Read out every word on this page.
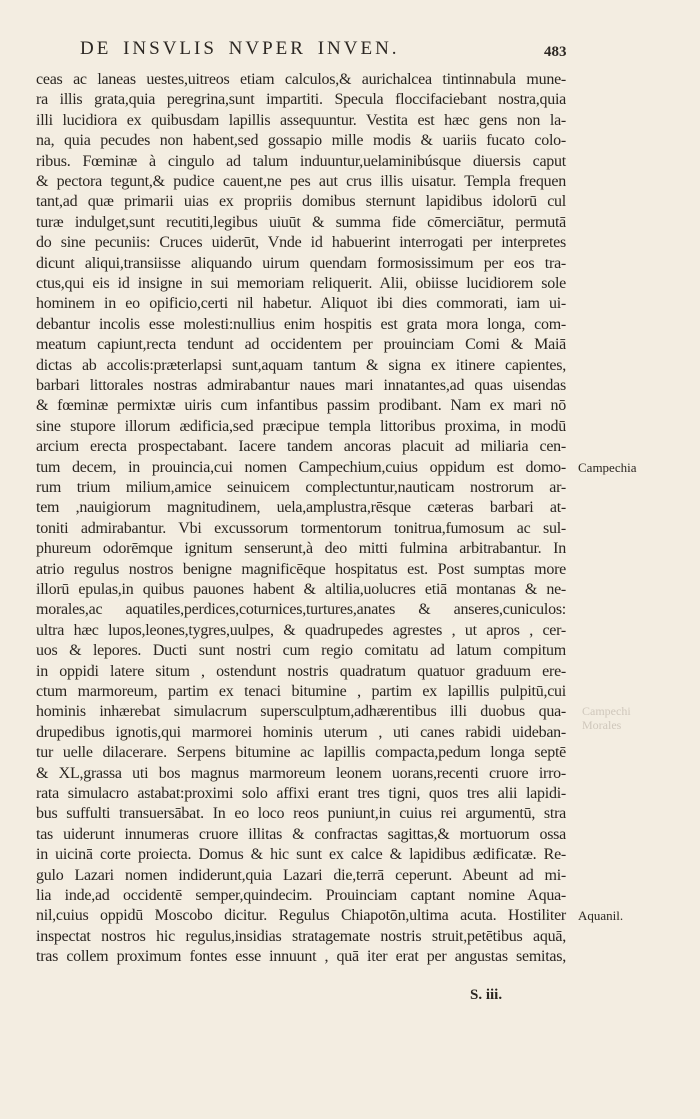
DE INSVLIS NVPER INVEN.	483
ceas ac laneas uestes,uitreos etiam calculos,& aurichalcea tintinnabula mune-
ra illis grata,quia peregrina,sunt impartiti. Specula floccifaciebant nostra,quia
illi lucidiora ex quibusdam lapillis assequuntur. Vestita est hæc gens non la-
na, quia pecudes non habent,sed gossapio mille modis & uariis fucato colo-
ribus. Fœminæ à cingulo ad talum induuntur,uelaminibúsque diuersis caput
& pectora tegunt,& pudice cauent,ne pes aut crus illis uisatur. Templa frequen
tant,ad quæ primarii uias ex propriis domibus sternunt lapidibus idolorū cul
turæ indulget,sunt recutiti,legibus uiuūt & summa fide cōmerciātur, permutā
do sine pecuniis: Cruces uiderūt, Vnde id habuerint interrogati per interpretes
dicunt aliqui,transiisse aliquando uirum quendam formosissimum per eos tra-
ctus,qui eis id insigne in sui memoriam reliquerit. Alii, obiisse lucidiorem sole
hominem in eo opificio,certi nil habetur. Aliquot ibi dies commorati, iam ui-
debantur incolis esse molesti:nullius enim hospitis est grata mora longa, com-
meatum capiunt,recta tendunt ad occidentem per prouinciam Comi & Maiā
dictas ab accolis:præterlapsi sunt,aquam tantum & signa ex itinere capientes,
barbari littorales nostras admirabantur naues mari innatantes,ad quas uisendas
& fœminæ permixtæ uiris cum infantibus passim prodibant. Nam ex mari nō
sine stupore illorum ædificia,sed præcipue templa littoribus proxima, in modū
arcium erecta prospectabant. Iacere tandem ancoras placuit ad miliaria cen-
tum decem, in prouincia,cui nomen Campechium,cuius oppidum est domo-
rum trium milium,amice seinuicem complectuntur,nauticam nostrorum ar-
tem ,nauigiorum magnitudinem, uela,amplustra,rēsque cæteras barbari at-
toniti admirabantur. Vbi excussorum tormentorum tonitrua,fumosum ac sul-
phureum odorēmque ignitum senserunt,à deo mitti fulmina arbitrabantur. In
atrio regulus nostros benigne magnificēque hospitatus est. Post sumptas more
illorū epulas,in quibus pauones habent & altilia,uolucres etiā montanas & ne-
morales,ac aquatiles,perdices,coturnices,turtures,anates & anseres,cuniculos:
ultra hæc lupos,leones,tygres,uulpes, & quadrupedes agrestes , ut apros , cer-
uos & lepores. Ducti sunt nostri cum regio comitatu ad latum compitum
in oppidi latere situm , ostendunt nostris quadratum quatuor graduum ere-
ctum marmoreum, partim ex tenaci bitumine , partim ex lapillis pulpitū,cui
hominis inhærebat simulacrum supersculptum,adhærentibus illi duobus qua-
drupedibus ignotis,qui marmorei hominis uterum , uti canes rabidi uideban-
tur uelle dilacerare. Serpens bitumine ac lapillis compacta,pedum longa septē
& XL,grassa uti bos magnus marmoreum leonem uorans,recenti cruore irro-
rata simulacro astabat:proximi solo affixi erant tres tigni, quos tres alii lapidi-
bus suffulti transuersābat. In eo loco reos puniunt,in cuius rei argumentū, stra
tas uiderunt innumeras cruore illitas & confractas sagittas,& mortuorum ossa
in uicinā corte proiecta. Domus & hic sunt ex calce & lapidibus ædificatæ. Re-
gulo Lazari nomen indiderunt,quia Lazari die,terrā ceperunt. Abeunt ad mi-
lia inde,ad occidentē semper,quindecim. Prouinciam captant nomine Aqua-
nil,cuius oppidū Moscobo dicitur. Regulus Chiapotōn,ultima acuta. Hostiliter
inspectat nostros hic regulus,insidias stratagemate nostris struit,petētibus aquā,
tras collem proximum fontes esse innuunt , quā iter erat per angustas semitas,
Campechia
Aquanil.
Campechi
Morales
S. iii.
